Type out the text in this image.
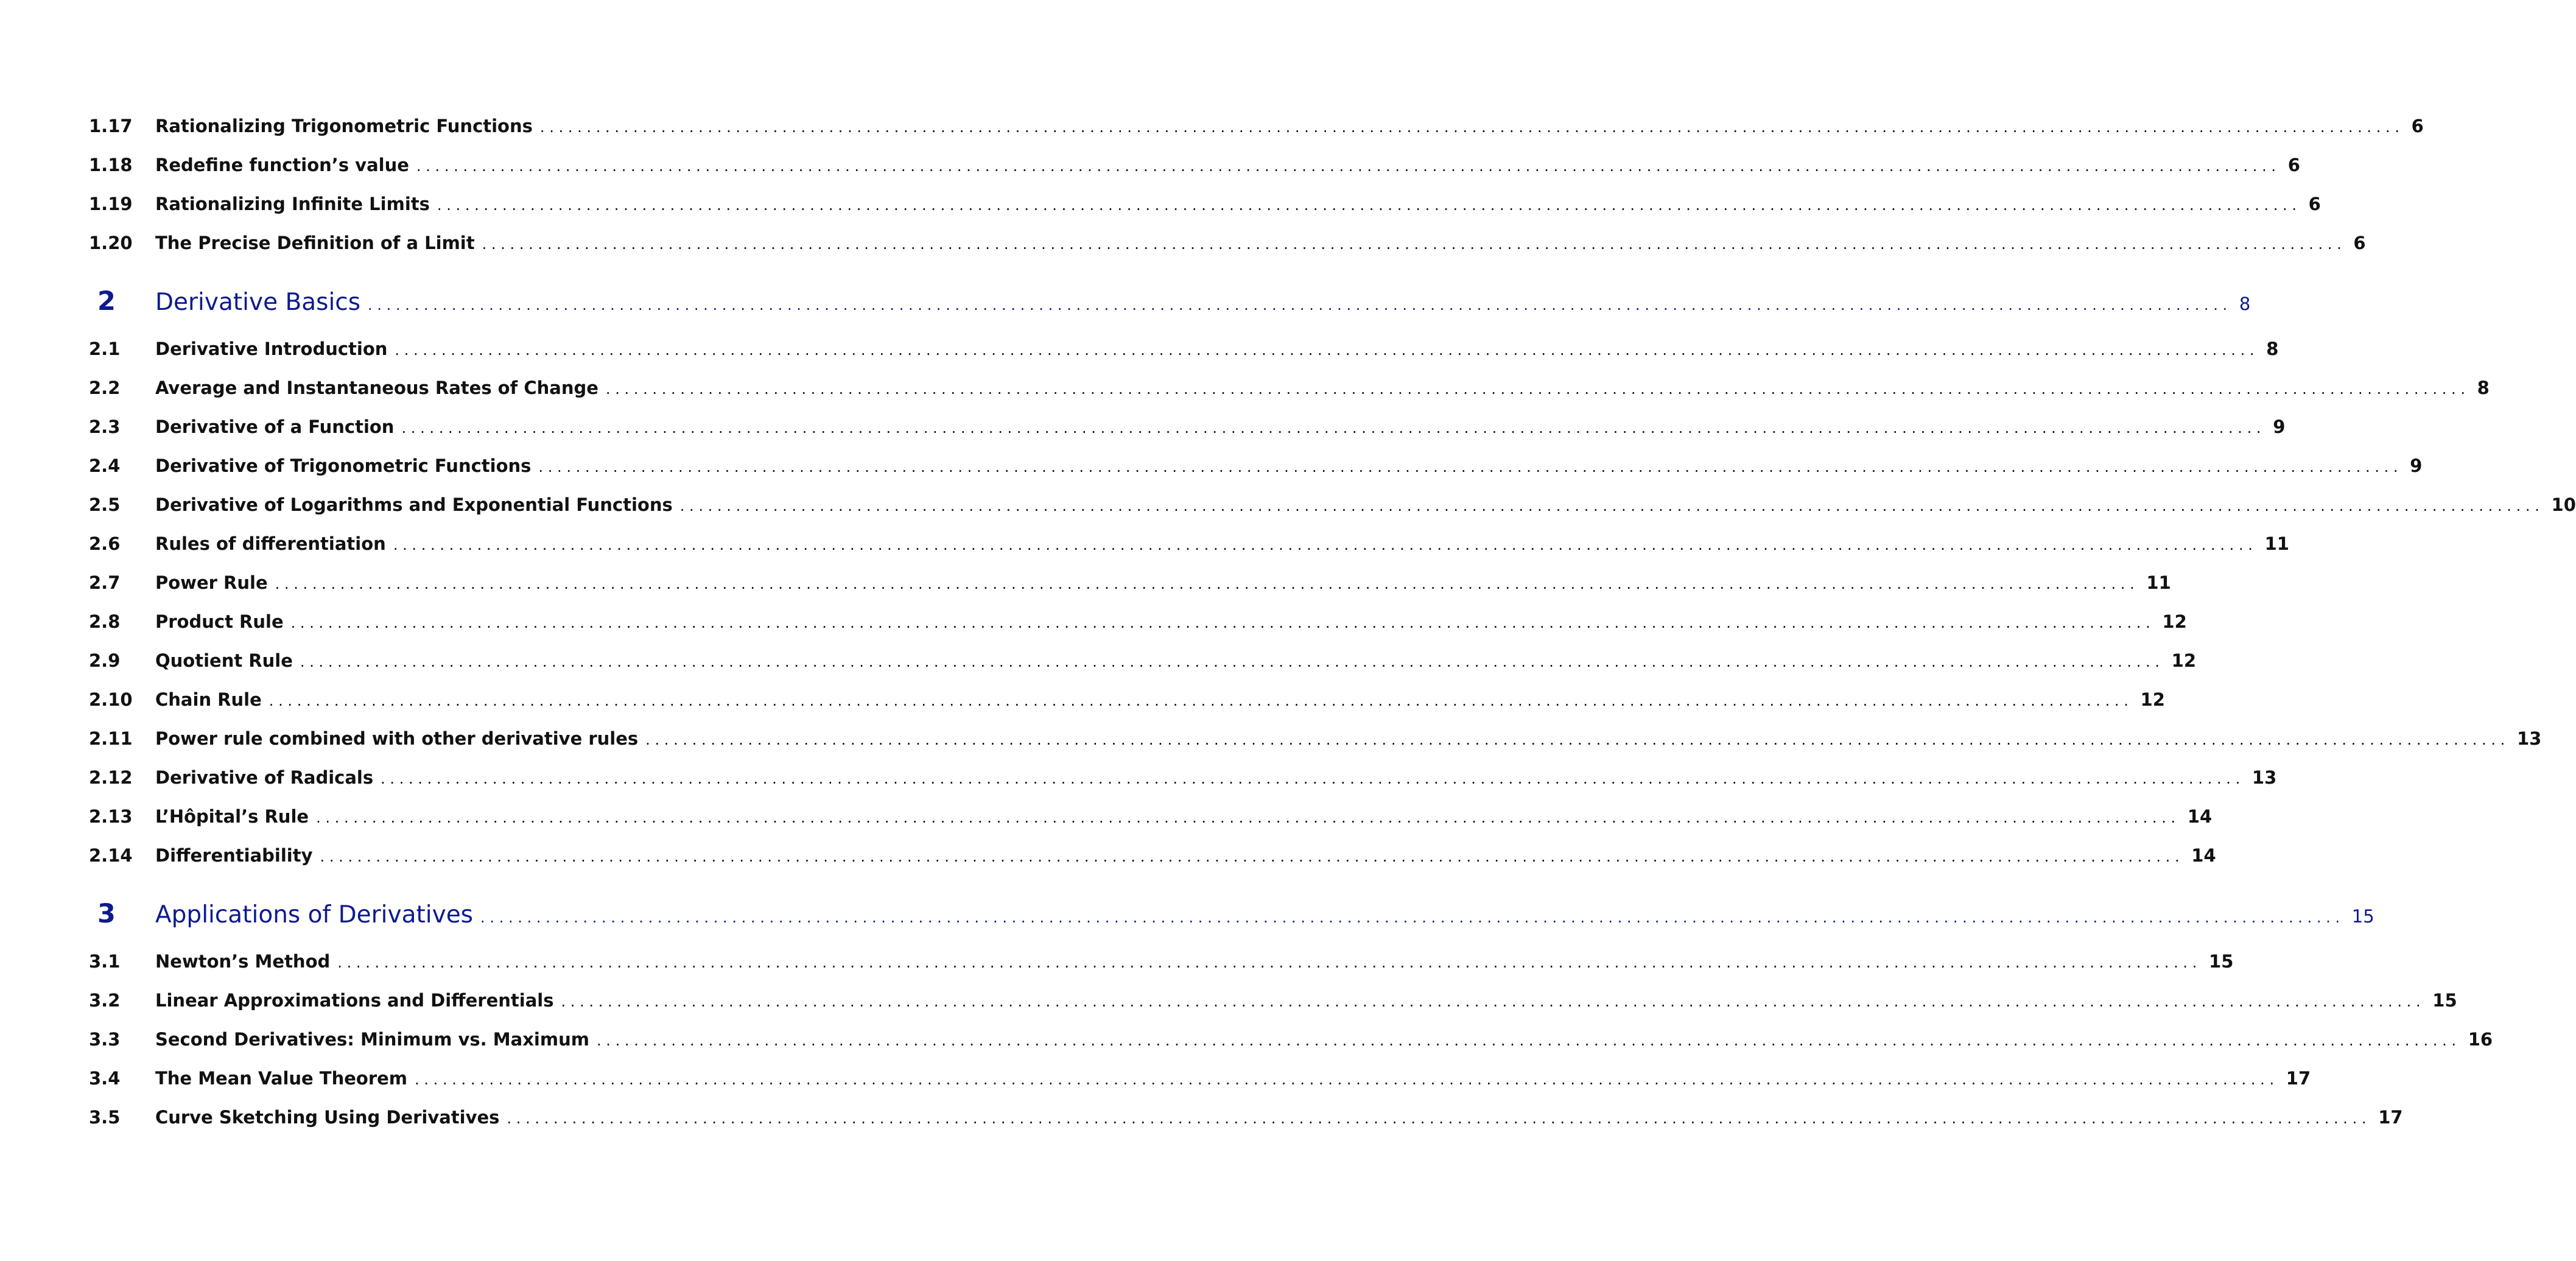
1.17	Rationalizing Trigonometric Functions ........................................................................................................................................................................................................ 6
1.18	Redefine function’s value ........................................................................................................................................................................................................ 6
1.19	Rationalizing Infinite Limits ........................................................................................................................................................................................................ 6
1.20	The Precise Definition of a Limit ........................................................................................................................................................................................................ 6
2	Derivative Basics ........................................................................................................................................................................................................ 8
2.1	Derivative Introduction ........................................................................................................................................................................................................ 8
2.2	Average and Instantaneous Rates of Change ........................................................................................................................................................................................................ 8
2.3	Derivative of a Function ........................................................................................................................................................................................................ 9
2.4	Derivative of Trigonometric Functions ........................................................................................................................................................................................................ 9
2.5	Derivative of Logarithms and Exponential Functions ........................................................................................................................................................................................................ 10
2.6	Rules of differentiation ........................................................................................................................................................................................................ 11
2.7	Power Rule ........................................................................................................................................................................................................ 11
2.8	Product Rule ........................................................................................................................................................................................................ 12
2.9	Quotient Rule ........................................................................................................................................................................................................ 12
2.10	Chain Rule ........................................................................................................................................................................................................ 12
2.11	Power rule combined with other derivative rules ........................................................................................................................................................................................................ 13
2.12	Derivative of Radicals ........................................................................................................................................................................................................ 13
2.13	L’Hôpital’s Rule ........................................................................................................................................................................................................ 14
2.14	Differentiability ........................................................................................................................................................................................................ 14
3	Applications of Derivatives ........................................................................................................................................................................................................ 15
3.1	Newton’s Method ........................................................................................................................................................................................................ 15
3.2	Linear Approximations and Differentials ........................................................................................................................................................................................................ 15
3.3	Second Derivatives: Minimum vs. Maximum ........................................................................................................................................................................................................ 16
3.4	The Mean Value Theorem ........................................................................................................................................................................................................ 17
3.5	Curve Sketching Using Derivatives ........................................................................................................................................................................................................ 17
